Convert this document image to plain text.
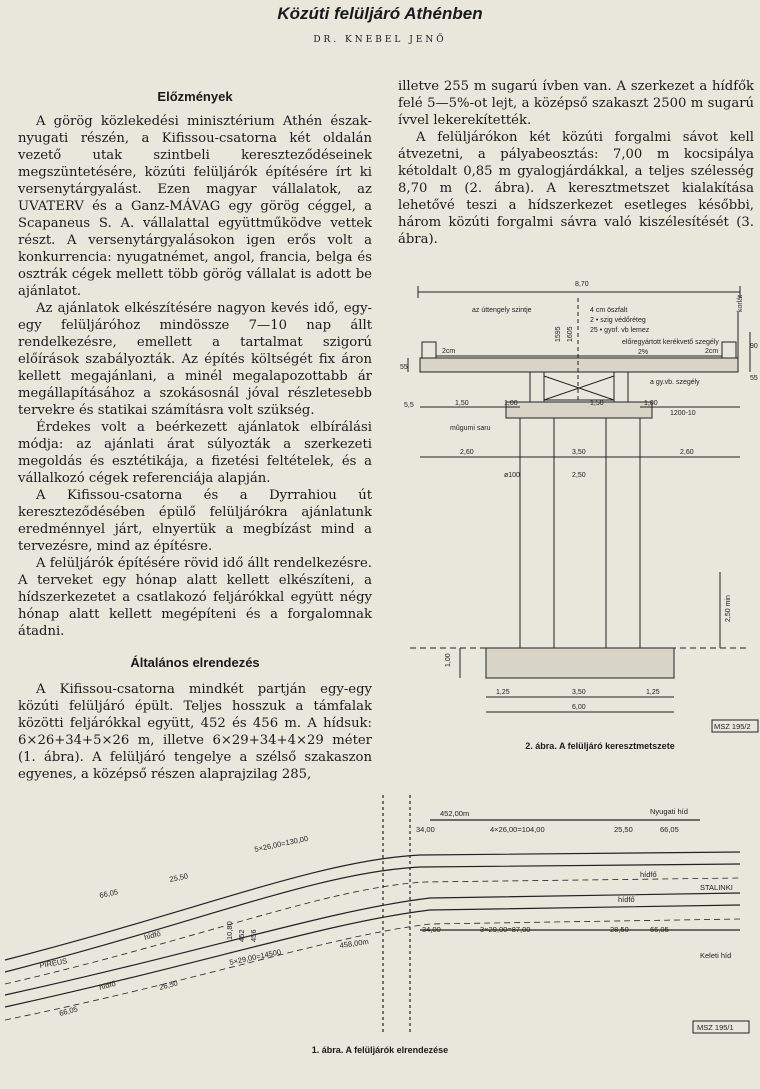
Közúti felüljáró Athénben
DR. KNEBEL JENŐ

Előzmények

A görög közlekedési minisztérium Athén észak-nyugati részén, a Kifissou-csatorna két oldalán vezető utak szintbeli kereszteződéseinek megszüntetésére, közúti felüljárók építésére írt ki versenytárgyalást. Ezen magyar vállalatok, az UVATERV és a Ganz-MÁVAG egy görög céggel, a Scapaneus S. A. vállalattal együttműködve vettek részt. A versenytárgyalásokon igen erős volt a konkurrencia: nyugatnémet, angol, francia, belga és osztrák cégek mellett több görög vállalat is adott be ajánlatot.

Az ajánlatok elkészítésére nagyon kevés idő, egy-egy felüljáróhoz mindössze 7—10 nap állt rendelkezésre, emellett a tartalmat szigorú előírások szabályozták. Az építés költségét fix áron kellett megajánlani, a minél megalapozottabb ár megállapításához a szokásosnál jóval részletesebb tervekre és statikai számításra volt szükség.

Érdekes volt a beérkezett ajánlatok elbírálási módja: az ajánlati árat súlyozták a szerkezeti megoldás és esztétikája, a fizetési feltételek, és a vállalkozó cégek referenciája alapján.

A Kifissou-csatorna és a Dyrrahiou út kereszteződésében épülő felüljárókra ajánlatunk eredménnyel járt, elnyertük a megbízást mind a tervezésre, mind az építésre.

A felüljárók építésére rövid idő állt rendelkezésre. A terveket egy hónap alatt kellett elkészíteni, a hídszerkezetet a csatlakozó feljárókkal együtt négy hónap alatt kellett megépíteni és a forgalomnak átadni.

Általános elrendezés

A Kifissou-csatorna mindkét partján egy-egy közúti felüljáró épült. Teljes hosszuk a támfalak közötti feljárókkal együtt, 452 és 456 m. A hídsuk: 6×26+34+5×26 m, illetve 6×29+34+4×29 méter (1. ábra). A felüljáró tengelye a szélső szakaszon egyenes, a középső részen alaprajzilag 285,

illetve 255 m sugarú ívben van. A szerkezet a hídfők felé 5—5%-ot lejt, a középső szakaszt 2500 m sugarú ívvel lekerekítették.

A felüljárókon két közúti forgalmi sávot kell átvezetni, a pályabeosztás: 7,00 m kocsipálya kétoldalt 0,85 m gyalogjárdákkal, a teljes szélesség 8,70 m (2. ábra). A keresztmetszet kialakítása lehetővé teszi a hídszerkezet esetleges későbbi, három közúti forgalmi sávra való kiszélesítését (3. ábra).

8,70
korlát
az úttengely szintje	4 cm öszfalt
2 • szig védőréteg
25 • gyof. vb lemez
előregyártott kerékvető szegély
2%
2cm	2cm
55
55
90
1595 1605
a gy.vb. szegély
5,5	1,50	1,00	1,50	1,00
1200-10
mûgumi saru
2,60	3,50	2,60
2,50
ø100
2,50 min
1,00
1,25	3,50	1,25
6,00
MSZ 195/2
2. ábra. A felüljáró keresztmetszete
452,00m
34,00	4×26,00=104,00	25,50	66,05
Nyugati híd
5×26,00=130,00
66,05
25,50	hídfő
STALINKI
hídfő
10,80 452 456
hídfő	34,00	3×29,00=87,00	28,50	66,05
PIREUS	5×29,00=14500
458,00m
Keleti híd
hídfő	26,50
66,05
MSZ 195/1
1. ábra. A felüljárók elrendezése
